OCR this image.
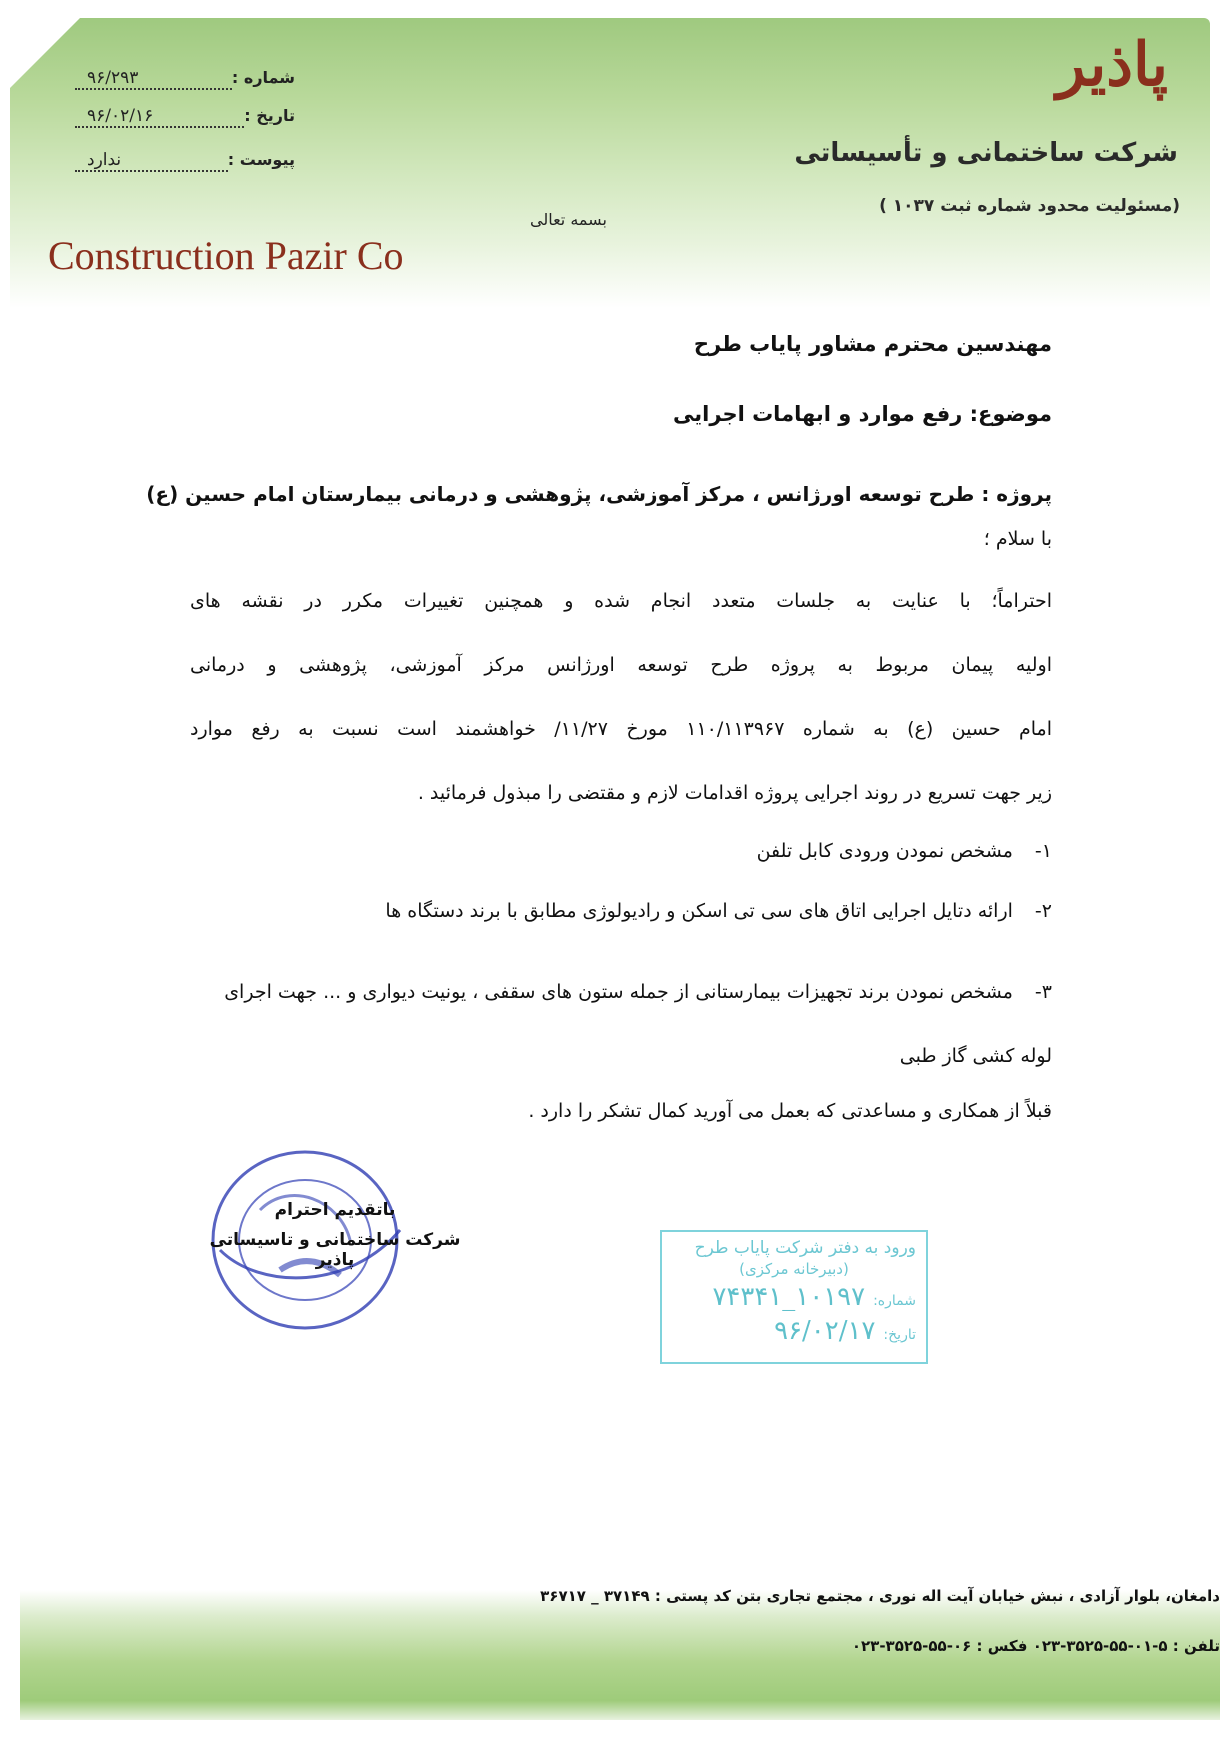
پاذیر
شرکت ساختمانی و تأسیساتی
(مسئولیت محدود شماره ثبت ۱۰۳۷ )
Construction Pazir Co
بسمه تعالی
شماره :
۹۶/۲۹۳
تاریخ :
۹۶/۰۲/۱۶
پیوست :
ندارد
مهندسین محترم مشاور پایاب طرح
موضوع: رفع موارد و ابهامات اجرایی
پروژه : طرح توسعه اورژانس ، مرکز آموزشی، پژوهشی و درمانی بیمارستان امام حسین (ع)
با سلام ؛
احتراماً؛ با عنایت به جلسات متعدد انجام شده و همچنین تغییرات مکرر در نقشه های
اولیه پیمان مربوط به پروژه طرح توسعه اورژانس مرکز آموزشی، پژوهشی و درمانی
امام حسین (ع) به شماره ۱۱۰/۱۱۳۹۶۷ مورخ ۱۱/۲۷/ خواهشمند است نسبت به رفع موارد
زیر جهت تسریع در روند اجرایی پروژه اقدامات لازم و مقتضی را مبذول فرمائید .
۱-مشخص نمودن ورودی کابل تلفن
۲-ارائه دتایل اجرایی اتاق های سی تی اسکن و رادیولوژی مطابق با برند دستگاه ها
۳-مشخص نمودن برند تجهیزات بیمارستانی از جمله ستون های سقفی ، یونیت دیواری و ... جهت اجرای لوله کشی گاز طبی
قبلاً از همکاری و مساعدتی که بعمل می آورید کمال تشکر را دارد .
باتقدیم احترام
شرکت ساختمانی و تاسیساتی پاذیر
ورود به دفتر شرکت پایاب طرح
(دبیرخانه مرکزی)
شماره:
۱۰۱۹۷_۷۴۳۴۱
تاریخ:
۹۶/۰۲/۱۷
دامغان، بلوار آزادی ، نبش خیابان آیت اله نوری ، مجتمع تجاری بتن کد پستی : ۳۷۱۴۹ _ ۳۶۷۱۷
تلفن : ۵-۰۱-۵۵-۳۵۲۵-۰۲۳ فکس : ۰۶-۵۵-۳۵۲۵-۰۲۳
